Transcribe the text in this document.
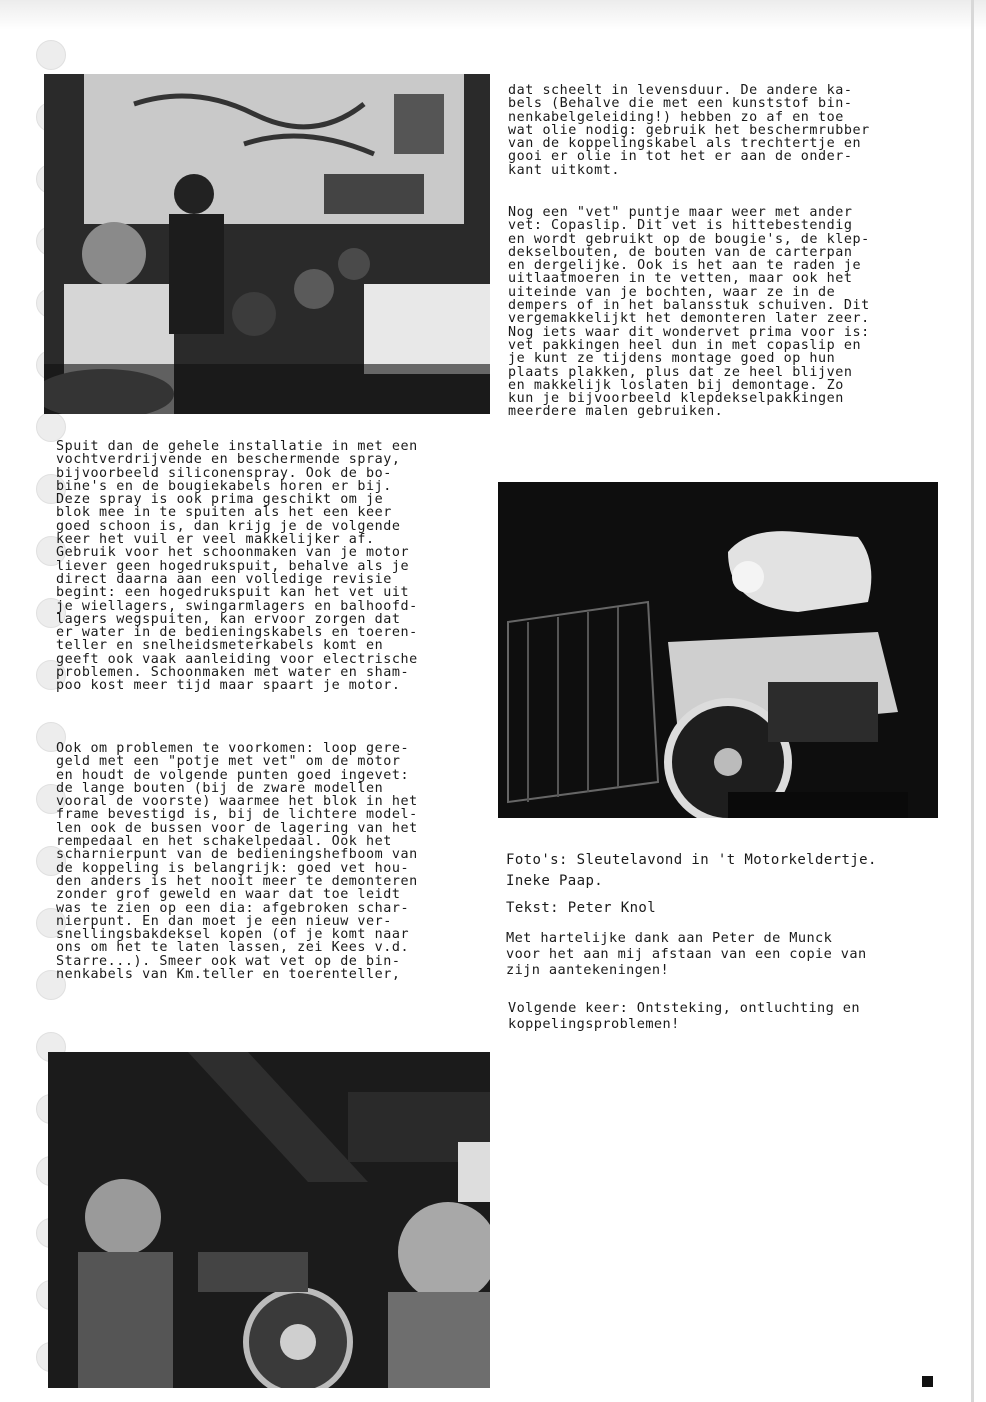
Spuit dan de gehele installatie in met een
vochtverdrijvende en beschermende spray,
bijvoorbeeld siliconenspray. Ook de bo-
bine's en de bougiekabels horen er bij.
Deze spray is ook prima geschikt om je
blok mee in te spuiten als het een keer
goed schoon is, dan krijg je de volgende
keer het vuil er veel makkelijker af.
Gebruik voor het schoonmaken van je motor
liever geen hogedrukspuit, behalve als je
direct daarna aan een volledige revisie
begint: een hogedrukspuit kan het vet uit
je wiellagers, swingarmlagers en balhoofd-
lagers wegspuiten, kan ervoor zorgen dat
er water in de bedieningskabels en toeren-
teller en snelheidsmeterkabels komt en
geeft ook vaak aanleiding voor electrische
problemen. Schoonmaken met water en sham-
poo kost meer tijd maar spaart je motor.

Ook om problemen te voorkomen: loop gere-
geld met een "potje met vet" om de motor
en houdt de volgende punten goed ingevet:
de lange bouten (bij de zware modellen
vooral de voorste) waarmee het blok in het
frame bevestigd is, bij de lichtere model-
len ook de bussen voor de lagering van het
rempedaal en het schakelpedaal. Ook het
scharnierpunt van de bedieningshefboom van
de koppeling is belangrijk: goed vet hou-
den anders is het nooit meer te demonteren
zonder grof geweld en waar dat toe leidt
was te zien op een dia: afgebroken schar-
nierpunt. En dan moet je een nieuw ver-
snellingsbakdeksel kopen (of je komt naar
ons om het te laten lassen, zei Kees v.d.
Starre...). Smeer ook wat vet op de bin-
nenkabels van Km.teller en toerenteller,

dat scheelt in levensduur. De andere ka-
bels (Behalve die met een kunststof bin-
nenkabelgeleiding!) hebben zo af en toe
wat olie nodig: gebruik het beschermrubber
van de koppelingskabel als trechtertje en
gooi er olie in tot het er aan de onder-
kant uitkomt.

Nog een "vet" puntje maar weer met ander
vet: Copaslip. Dit vet is hittebestendig
en wordt gebruikt op de bougie's, de klep-
dekselbouten, de bouten van de carterpan
en dergelijke. Ook is het aan te raden je
uitlaatmoeren in te vetten, maar ook het
uiteinde van je bochten, waar ze in de
dempers of in het balansstuk schuiven. Dit
vergemakkelijkt het demonteren later zeer.
Nog iets waar dit wondervet prima voor is:
vet pakkingen heel dun in met copaslip en
je kunt ze tijdens montage goed op hun
plaats plakken, plus dat ze heel blijven
en makkelijk loslaten bij demontage. Zo
kun je bijvoorbeeld klepdekselpakkingen
meerdere malen gebruiken.

Foto's: Sleutelavond in 't Motorkeldertje.
Ineke Paap.

Tekst: Peter Knol

Met hartelijke dank aan Peter de Munck
voor het aan mij afstaan van een copie van
zijn aantekeningen!

Volgende keer: Ontsteking, ontluchting en
koppelingsproblemen!
